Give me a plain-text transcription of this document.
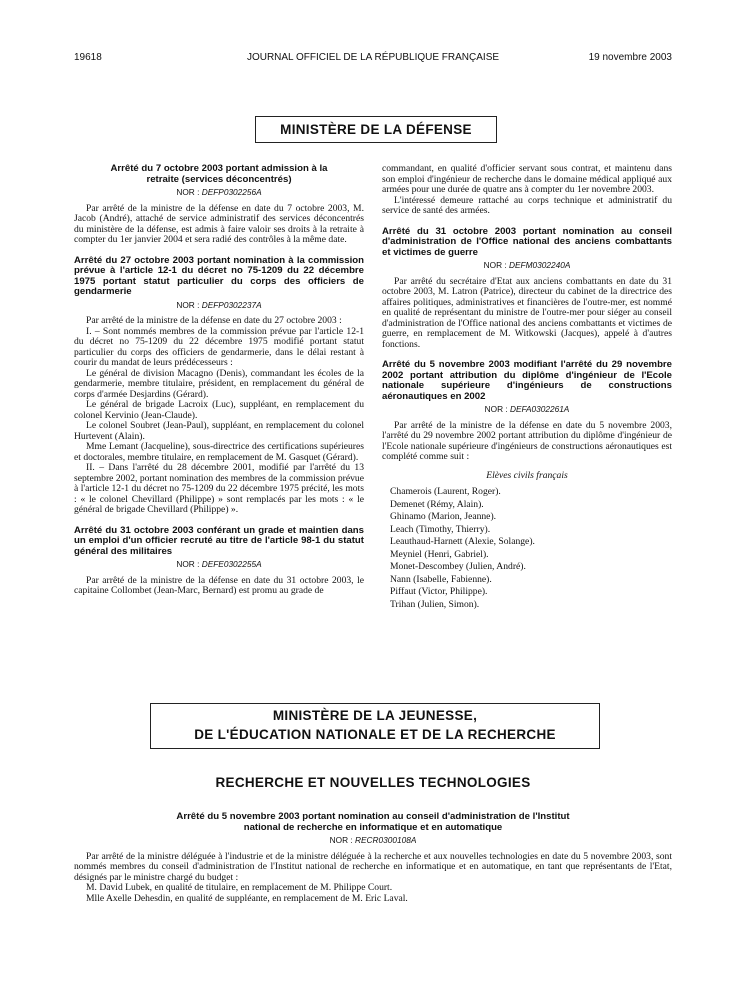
19618	JOURNAL OFFICIEL DE LA RÉPUBLIQUE FRANÇAISE	19 novembre 2003
MINISTÈRE DE LA DÉFENSE
Arrêté du 7 octobre 2003 portant admission à la retraite (services déconcentrés)
NOR : DEFP0302256A

Par arrêté de la ministre de la défense en date du 7 octobre 2003, M. Jacob (André), attaché de service administratif des services déconcentrés du ministère de la défense, est admis à faire valoir ses droits à la retraite à compter du 1er janvier 2004 et sera radié des contrôles à la même date.

Arrêté du 27 octobre 2003 portant nomination à la commission prévue à l'article 12-1 du décret no 75-1209 du 22 décembre 1975 portant statut particulier du corps des officiers de gendarmerie
NOR : DEFP0302237A

Par arrêté de la ministre de la défense en date du 27 octobre 2003 :

I. – Sont nommés membres de la commission prévue par l'article 12-1 du décret no 75-1209 du 22 décembre 1975 modifié portant statut particulier du corps des officiers de gendarmerie, dans le délai restant à courir du mandat de leurs prédécesseurs :

Le général de division Macagno (Denis), commandant les écoles de la gendarmerie, membre titulaire, président, en remplacement du général de corps d'armée Desjardins (Gérard).

Le général de brigade Lacroix (Luc), suppléant, en remplacement du colonel Kervinio (Jean-Claude).

Le colonel Soubret (Jean-Paul), suppléant, en remplacement du colonel Hurtevent (Alain).

Mme Lemant (Jacqueline), sous-directrice des certifications supérieures et doctorales, membre titulaire, en remplacement de M. Gasquet (Gérard).

II. – Dans l'arrêté du 28 décembre 2001, modifié par l'arrêté du 13 septembre 2002, portant nomination des membres de la commission prévue à l'article 12-1 du décret no 75-1209 du 22 décembre 1975 précité, les mots : « le colonel Chevillard (Philippe) » sont remplacés par les mots : « le général de brigade Chevillard (Philippe) ».

Arrêté du 31 octobre 2003 conférant un grade et maintien dans un emploi d'un officier recruté au titre de l'article 98-1 du statut général des militaires
NOR : DEFE0302255A

Par arrêté de la ministre de la défense en date du 31 octobre 2003, le capitaine Collombet (Jean-Marc, Bernard) est promu au grade de

commandant, en qualité d'officier servant sous contrat, et maintenu dans son emploi d'ingénieur de recherche dans le domaine médical appliqué aux armées pour une durée de quatre ans à compter du 1er novembre 2003.

L'intéressé demeure rattaché au corps technique et administratif du service de santé des armées.

Arrêté du 31 octobre 2003 portant nomination au conseil d'administration de l'Office national des anciens combattants et victimes de guerre
NOR : DEFM0302240A

Par arrêté du secrétaire d'Etat aux anciens combattants en date du 31 octobre 2003, M. Latron (Patrice), directeur du cabinet de la directrice des affaires politiques, administratives et financières de l'outre-mer, est nommé en qualité de représentant du ministre de l'outre-mer pour siéger au conseil d'administration de l'Office national des anciens combattants et victimes de guerre, en remplacement de M. Witkowski (Jacques), appelé à d'autres fonctions.

Arrêté du 5 novembre 2003 modifiant l'arrêté du 29 novembre 2002 portant attribution du diplôme d'ingénieur de l'Ecole nationale supérieure d'ingénieurs de constructions aéronautiques en 2002
NOR : DEFA0302261A

Par arrêté de la ministre de la défense en date du 5 novembre 2003, l'arrêté du 29 novembre 2002 portant attribution du diplôme d'ingénieur de l'Ecole nationale supérieure d'ingénieurs de constructions aéronautiques est complété comme suit :

Elèves civils français
Chamerois (Laurent, Roger).
Demenet (Rémy, Alain).
Ghinamo (Marion, Jeanne).
Leach (Timothy, Thierry).
Leauthaud-Harnett (Alexie, Solange).
Meyniel (Henri, Gabriel).
Monet-Descombey (Julien, André).
Nann (Isabelle, Fabienne).
Piffaut (Victor, Philippe).
Trihan (Julien, Simon).
MINISTÈRE DE LA JEUNESSE,
DE L'ÉDUCATION NATIONALE ET DE LA RECHERCHE
RECHERCHE ET NOUVELLES TECHNOLOGIES
Arrêté du 5 novembre 2003 portant nomination au conseil d'administration de l'Institut national de recherche en informatique et en automatique
NOR : RECR0300108A

Par arrêté de la ministre déléguée à l'industrie et de la ministre déléguée à la recherche et aux nouvelles technologies en date du 5 novembre 2003, sont nommés membres du conseil d'administration de l'Institut national de recherche en informatique et en automatique, en tant que représentants de l'Etat, désignés par le ministre chargé du budget :

M. David Lubek, en qualité de titulaire, en remplacement de M. Philippe Court.

Mlle Axelle Dehesdin, en qualité de suppléante, en remplacement de M. Eric Laval.
